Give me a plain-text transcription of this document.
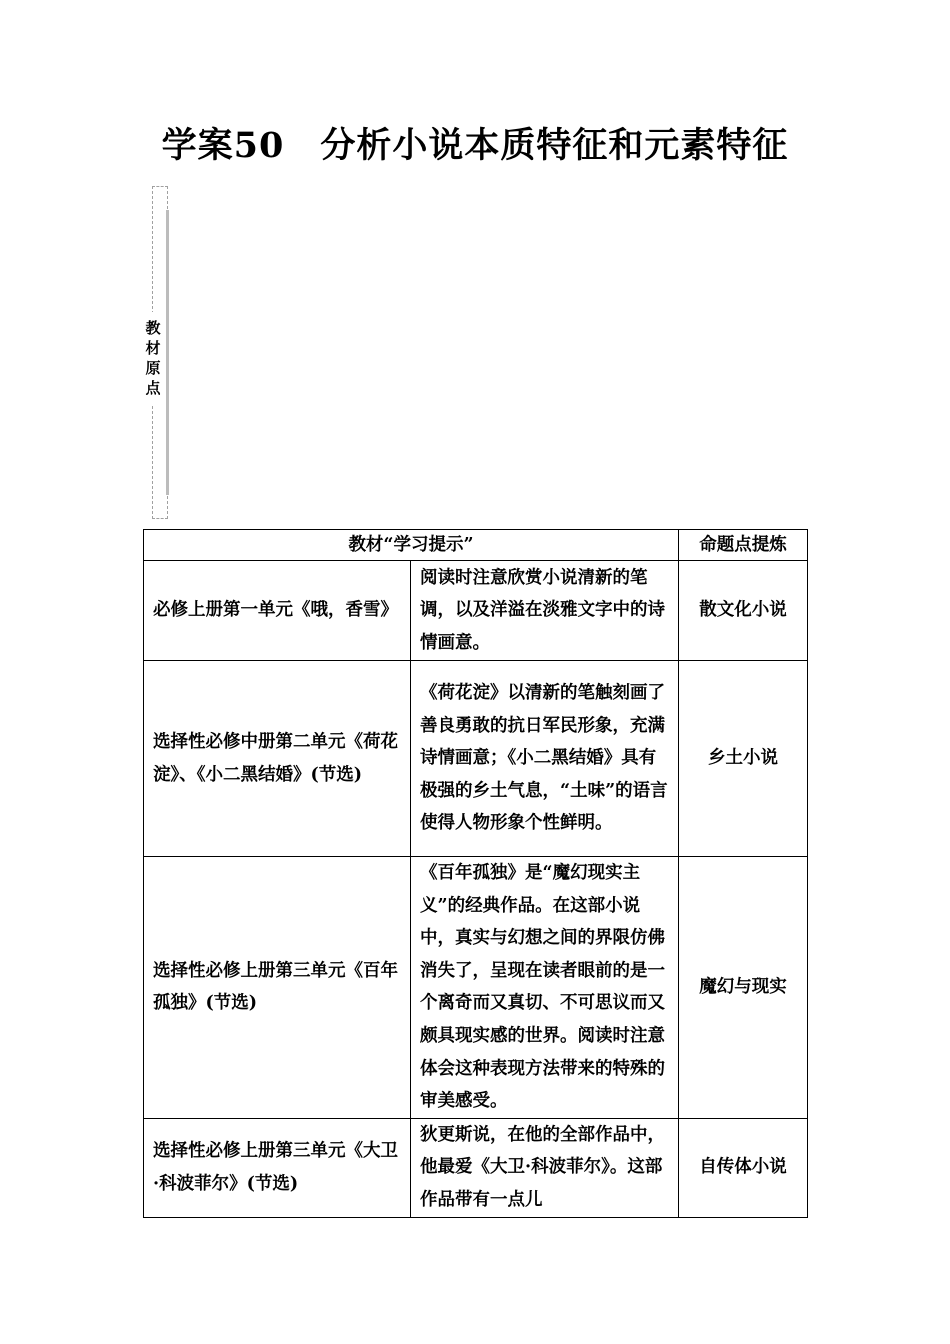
学案50　分析小说本质特征和元素特征
教材原点
教材“学习提示”		命题点提炼
必修上册第一单元《哦，香雪》	阅读时注意欣赏小说清新的笔调，以及洋溢在淡雅文字中的诗情画意。	散文化小说
选择性必修中册第二单元《荷花淀》、《小二黑结婚》(节选)	《荷花淀》以清新的笔触刻画了善良勇敢的抗日军民形象，充满诗情画意；《小二黑结婚》具有极强的乡土气息，“土味”的语言使得人物形象个性鲜明。	乡土小说
选择性必修上册第三单元《百年孤独》(节选)	《百年孤独》是“魔幻现实主义”的经典作品。在这部小说中，真实与幻想之间的界限仿佛消失了，呈现在读者眼前的是一个离奇而又真切、不可思议而又颇具现实感的世界。阅读时注意体会这种表现方法带来的特殊的审美感受。	魔幻与现实
选择性必修上册第三单元《大卫·科波菲尔》(节选)	狄更斯说，在他的全部作品中，他最爱《大卫·科波菲尔》。这部作品带有一点儿	自传体小说
